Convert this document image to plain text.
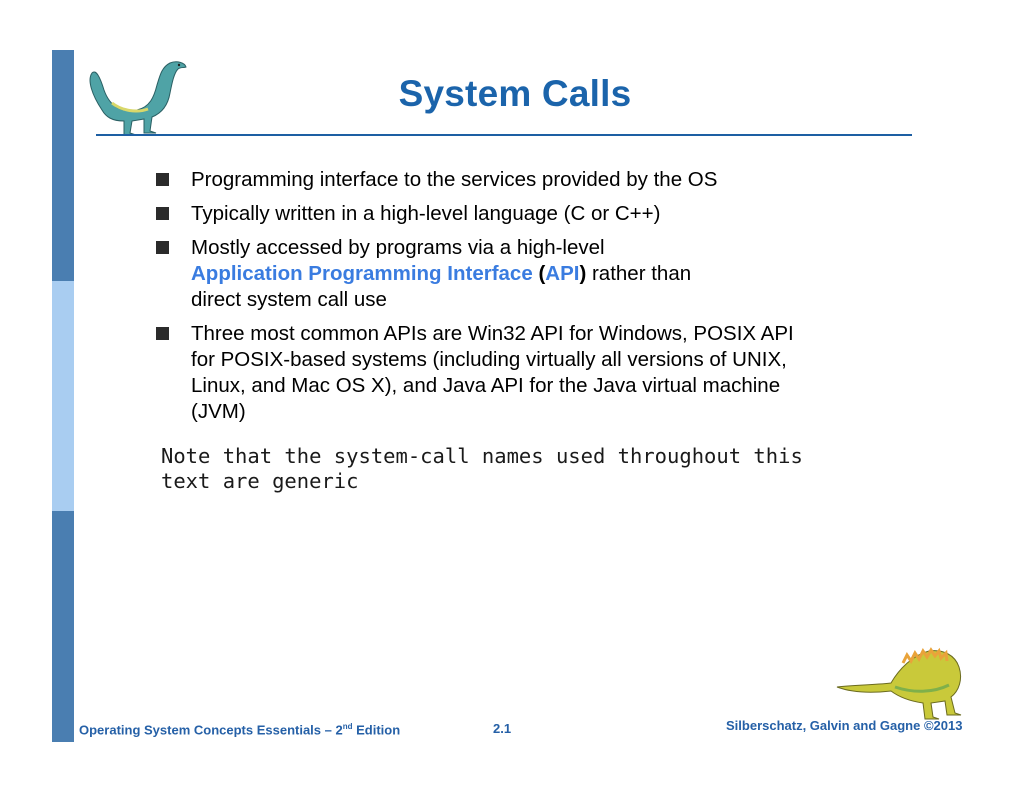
System Calls
Programming interface to the services provided by the OS
Typically written in a high-level language (C or C++)
Mostly accessed by programs via a high-level
Application Programming Interface (API) rather than
direct system call use
Three most common APIs are Win32 API for Windows, POSIX API for POSIX-based systems (including virtually all versions of UNIX, Linux, and Mac OS X), and Java API for the Java virtual machine (JVM)
Note that the system-call names used throughout this text are generic
Operating System Concepts Essentials – 2nd Edition	2.1	Silberschatz, Galvin and Gagne ©2013
